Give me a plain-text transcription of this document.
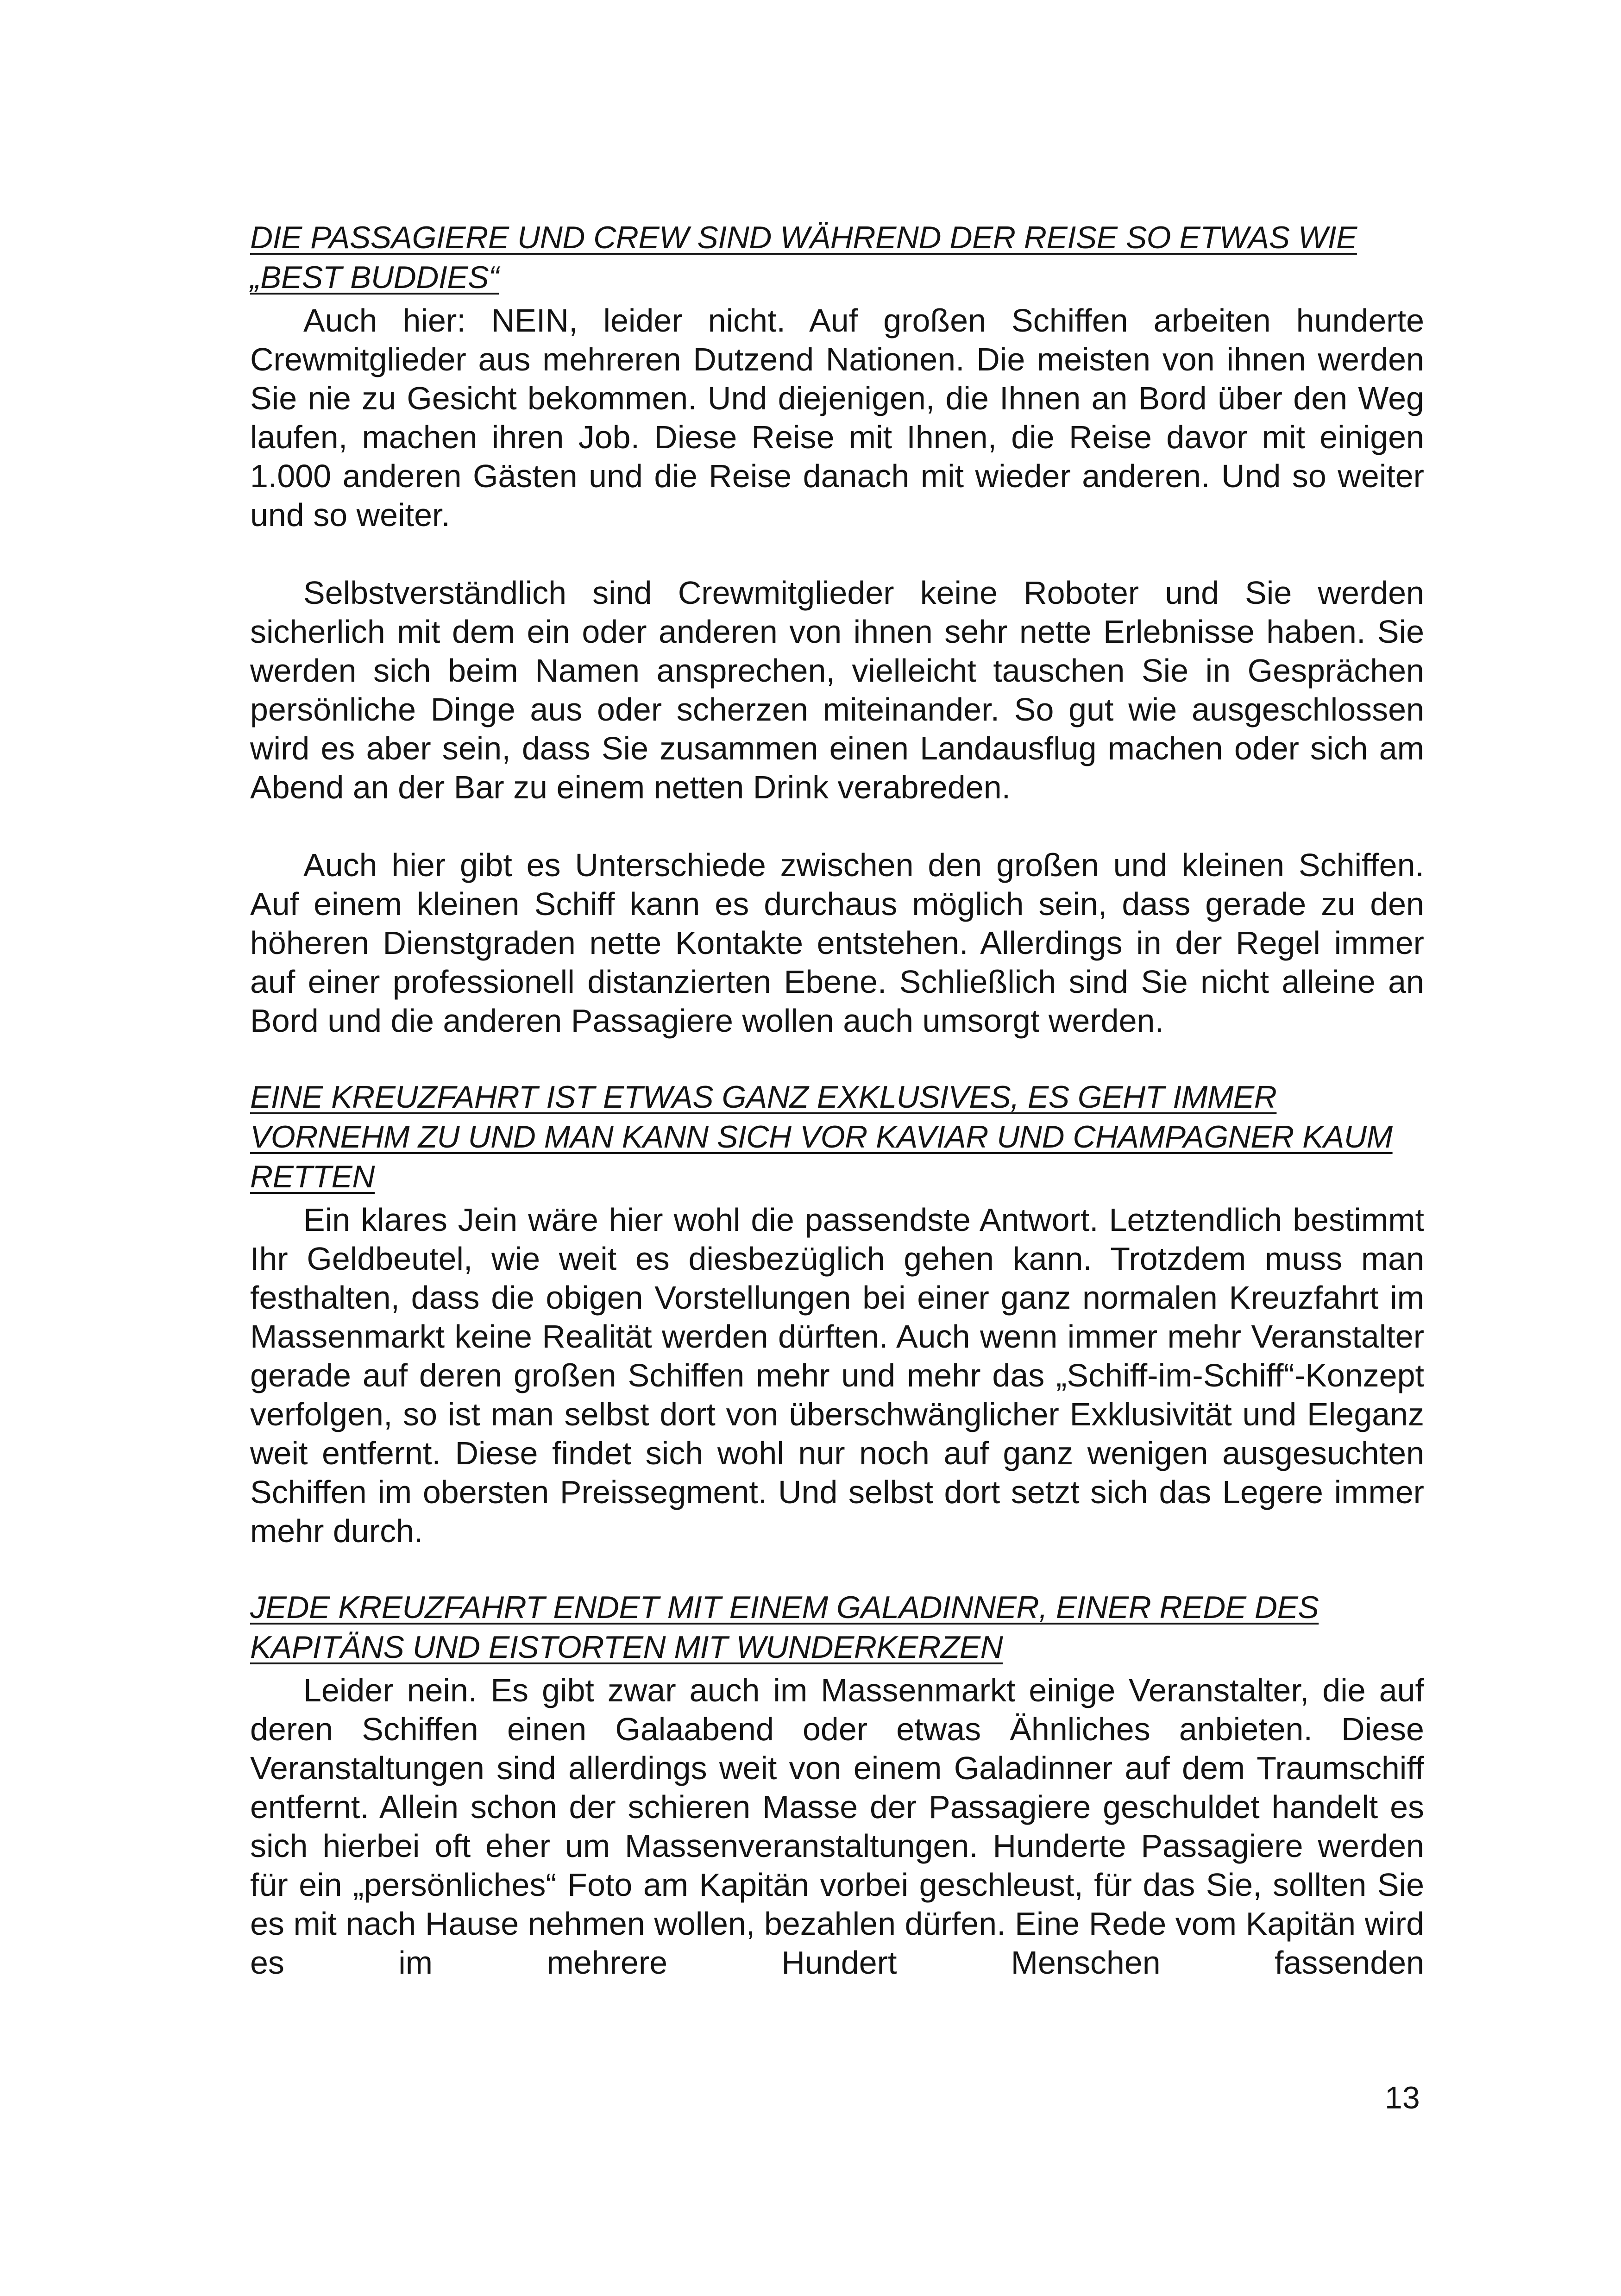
DIE PASSAGIERE UND CREW SIND WÄHREND DER REISE SO ETWAS WIE „BEST BUDDIES“

Auch hier: NEIN, leider nicht. Auf großen Schiffen arbeiten hunderte Crewmitglieder aus mehreren Dutzend Nationen. Die meisten von ihnen werden Sie nie zu Gesicht bekommen. Und diejenigen, die Ihnen an Bord über den Weg laufen, machen ihren Job. Diese Reise mit Ihnen, die Reise davor mit einigen 1.000 anderen Gästen und die Reise danach mit wieder anderen. Und so weiter und so weiter.

Selbstverständlich sind Crewmitglieder keine Roboter und Sie werden sicherlich mit dem ein oder anderen von ihnen sehr nette Erlebnisse haben. Sie werden sich beim Namen ansprechen, vielleicht tauschen Sie in Gesprächen persönliche Dinge aus oder scherzen miteinander. So gut wie ausgeschlossen wird es aber sein, dass Sie zusammen einen Landausflug machen oder sich am Abend an der Bar zu einem netten Drink verabreden.

Auch hier gibt es Unterschiede zwischen den großen und kleinen Schiffen. Auf einem kleinen Schiff kann es durchaus möglich sein, dass gerade zu den höheren Dienstgraden nette Kontakte entstehen. Allerdings in der Regel immer auf einer professionell distanzierten Ebene. Schließlich sind Sie nicht alleine an Bord und die anderen Passagiere wollen auch umsorgt werden.

EINE KREUZFAHRT IST ETWAS GANZ EXKLUSIVES, ES GEHT IMMER VORNEHM ZU UND MAN KANN SICH VOR KAVIAR UND CHAMPAGNER KAUM RETTEN

Ein klares Jein wäre hier wohl die passendste Antwort. Letztendlich bestimmt Ihr Geldbeutel, wie weit es diesbezüglich gehen kann. Trotzdem muss man festhalten, dass die obigen Vorstellungen bei einer ganz normalen Kreuzfahrt im Massenmarkt keine Realität werden dürften. Auch wenn immer mehr Veranstalter gerade auf deren großen Schiffen mehr und mehr das „Schiff-im-Schiff“-Konzept verfolgen, so ist man selbst dort von überschwänglicher Exklusivität und Eleganz weit entfernt. Diese findet sich wohl nur noch auf ganz wenigen ausgesuchten Schiffen im obersten Preissegment. Und selbst dort setzt sich das Legere immer mehr durch.

JEDE KREUZFAHRT ENDET MIT EINEM GALADINNER, EINER REDE DES KAPITÄNS UND EISTORTEN MIT WUNDERKERZEN

Leider nein. Es gibt zwar auch im Massenmarkt einige Veranstalter, die auf deren Schiffen einen Galaabend oder etwas Ähnliches anbieten. Diese Veranstaltungen sind allerdings weit von einem Galadinner auf dem Traumschiff entfernt. Allein schon der schieren Masse der Passagiere geschuldet handelt es sich hierbei oft eher um Massenveranstaltungen. Hunderte Passagiere werden für ein „persönliches“ Foto am Kapitän vorbei geschleust, für das Sie, sollten Sie es mit nach Hause nehmen wollen, bezahlen dürfen. Eine Rede vom Kapitän wird es im mehrere Hundert Menschen fassenden

13
